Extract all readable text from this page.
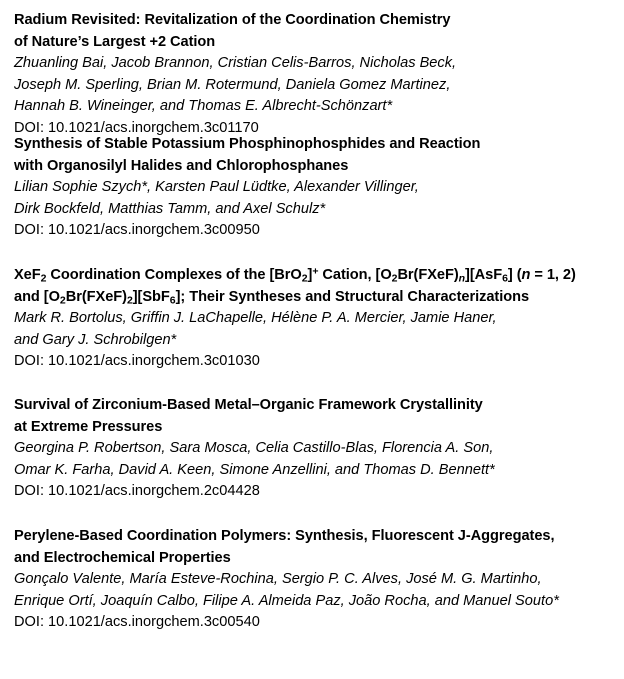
Radium Revisited: Revitalization of the Coordination Chemistry
of Nature’s Largest +2 Cation
Zhuanling Bai, Jacob Brannon, Cristian Celis-Barros, Nicholas Beck,
Joseph M. Sperling, Brian M. Rotermund, Daniela Gomez Martinez,
Hannah B. Wineinger, and Thomas E. Albrecht-Schönzart*
DOI: 10.1021/acs.inorgchem.3c01170
Synthesis of Stable Potassium Phosphinophosphides and Reaction
with Organosilyl Halides and Chlorophosphanes
Lilian Sophie Szych*, Karsten Paul Lüdtke, Alexander Villinger,
Dirk Bockfeld, Matthias Tamm, and Axel Schulz*
DOI: 10.1021/acs.inorgchem.3c00950
XeF$_2$ Coordination Complexes of the [BrO$_2$]+ Cation, $[O_2Br(FXeF)_n][AsF_6] (n = 1$, 2)
and $[O_2Br(FXeF)_2][SbF_6]$; Their Syntheses and Structural Characterizations
Mark R. Bortolus, Griffin J. LaChapelle, Hélène P. A. Mercier, Jamie Haner,
and Gary J. Schrobilgen*
DOI: 10.1021/acs.inorgchem.3c01030
Survival of Zirconium-Based Metal–Organic Framework Crystallinity
at Extreme Pressures
Georgina P. Robertson, Sara Mosca, Celia Castillo-Blas, Florencia A. Son,
Omar K. Farha, David A. Keen, Simone Anzellini, and Thomas D. Bennett*
DOI: 10.1021/acs.inorgchem.2c04428
Perylene-Based Coordination Polymers: Synthesis, Fluorescent J-Aggregates,
and Electrochemical Properties
Gonçalo Valente, María Esteve-Rochina, Sergio P. C. Alves, José M. G. Martinho,
Enrique Ortí, Joaquín Calbo, Filipe A. Almeida Paz, João Rocha, and Manuel Souto*
DOI: 10.1021/acs.inorgchem.3c00540
